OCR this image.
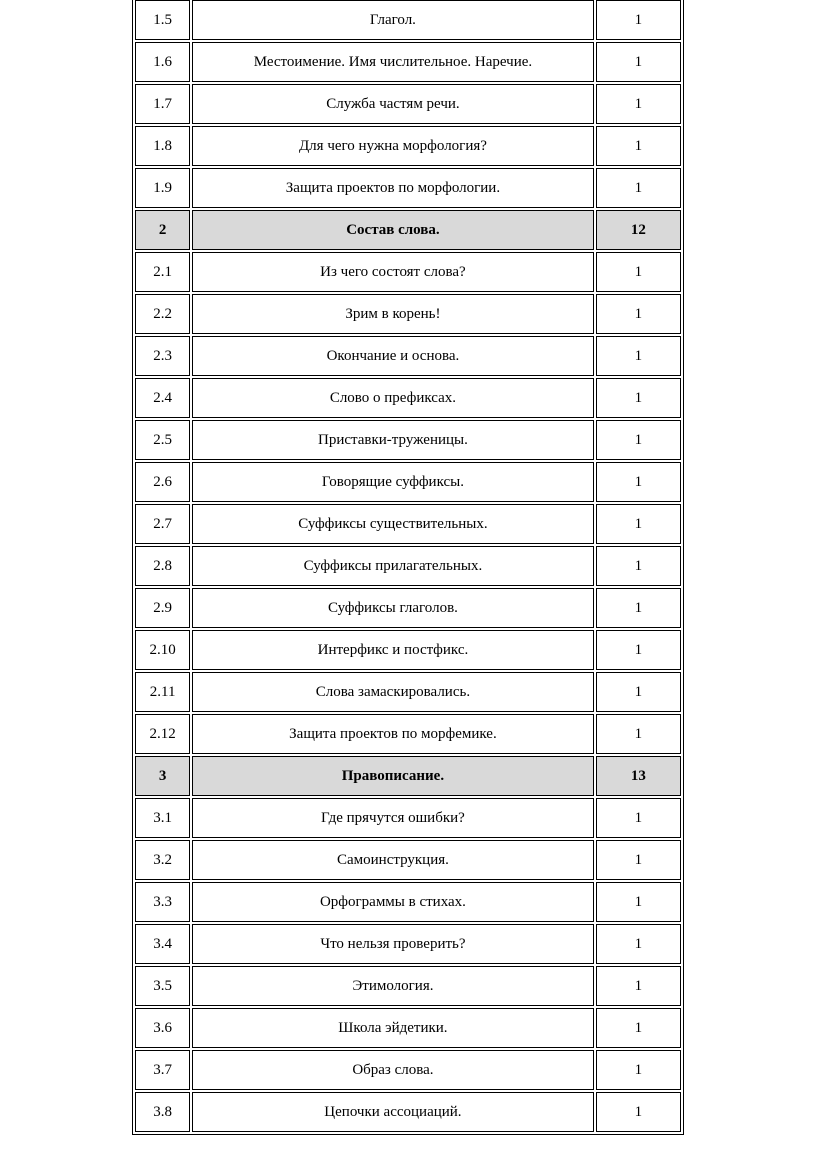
1.5	Глагол.	1
1.6	Местоимение. Имя числительное. Наречие.	1
1.7	Служба частям речи.	1
1.8	Для чего нужна морфология?	1
1.9	Защита проектов по морфологии.	1
2	Состав слова.	12
2.1	Из чего состоят слова?	1
2.2	Зрим в корень!	1
2.3	Окончание и основа.	1
2.4	Слово о префиксах.	1
2.5	Приставки-труженицы.	1
2.6	Говорящие суффиксы.	1
2.7	Суффиксы существительных.	1
2.8	Суффиксы прилагательных.	1
2.9	Суффиксы глаголов.	1
2.10	Интерфикс и постфикс.	1
2.11	Слова замаскировались.	1
2.12	Защита проектов по морфемике.	1
3	Правописание.	13
3.1	Где прячутся ошибки?	1
3.2	Самоинструкция.	1
3.3	Орфограммы в стихах.	1
3.4	Что нельзя проверить?	1
3.5	Этимология.	1
3.6	Школа эйдетики.	1
3.7	Образ слова.	1
3.8	Цепочки ассоциаций.	1
